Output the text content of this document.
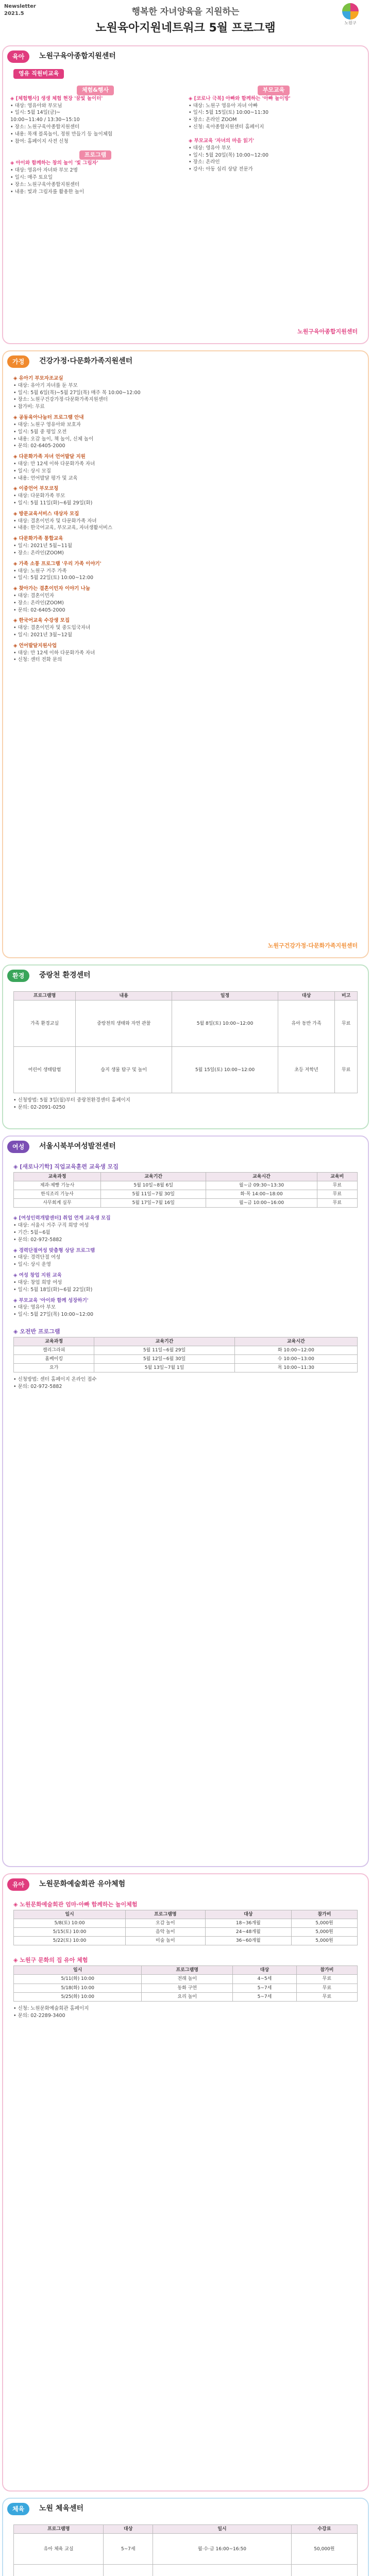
Newsletter
2021.5	행복한 자녀양육을 지원하는
노원육아지원네트워크 5월 프로그램	노원구
육아	노원구육아종합지원센터
영유 직원비교육
체험&행사
◈ [체험행사] 생생 체험 현장 '꿈빛 놀이터'
• 대상: 영유아와 부모님
• 일시: 5월 14일(금)~
10:00~11:40 / 13:30~15:10
• 장소: 노원구육아종합지원센터
• 내용: 목재 블록놀이, 정원 만들기 등 놀이체험
• 참여: 홈페이지 사전 신청
프로그램
◈ 아이와 함께하는 창의 놀이 '빛 그림자'
• 대상: 영유아 자녀와 부모 2명
• 일시: 매주 토요일
• 장소: 노원구육아종합지원센터
• 내용: 빛과 그림자를 활용한 놀이
부모교육
◈ [코로나 극복] 아빠와 함께하는 '아빠 놀이방'
• 대상: 노원구 영유아 자녀 아빠
• 일시: 5월 15일(토) 10:00~11:30
• 장소: 온라인 ZOOM
• 신청: 육아종합지원센터 홈페이지
◈ 부모교육 '자녀의 마음 읽기'
• 대상: 영유아 부모
• 일시: 5월 20일(목) 10:00~12:00
• 장소: 온라인
• 강사: 아동 심리 상담 전문가
노원구육아종합지원센터
가정	건강가정·다문화가족지원센터
◈ 유아기 부모자조교실
• 대상: 유아기 자녀를 둔 부모
• 일시: 5월 6일(목)~5월 27일(목) 매주 목 10:00~12:00
• 장소: 노원구건강가정·다문화가족지원센터
• 참가비: 무료
◈ 공동육아나눔터 프로그램 안내
• 대상: 노원구 영유아와 보호자
• 일시: 5월 중 평일 오전
• 내용: 오감 놀이, 책 놀이, 신체 놀이
• 문의: 02-6405-2000
◈ 다문화가족 자녀 언어발달 지원
• 대상: 만 12세 이하 다문화가족 자녀
• 일시: 상시 모집
• 내용: 언어발달 평가 및 교육
◈ 이중언어 부모코칭
• 대상: 다문화가족 부모
• 일시: 5월 11일(화)~6월 29일(화)
◈ 방문교육서비스 대상자 모집
• 대상: 결혼이민자 및 다문화가족 자녀
• 내용: 한국어교육, 부모교육, 자녀생활서비스
◈ 다문화가족 통합교육
• 일시: 2021년 5월~11월
• 장소: 온라인(ZOOM)
◈ 가족 소통 프로그램 '우리 가족 이야기'
• 대상: 노원구 거주 가족
• 일시: 5월 22일(토) 10:00~12:00
◈ 찾아가는 결혼이민자 이야기 나눔
• 대상: 결혼이민자
• 장소: 온라인(ZOOM)
• 문의: 02-6405-2000
◈ 한국어교육 수강생 모집
• 대상: 결혼이민자 및 중도입국자녀
• 일시: 2021년 3월~12월
◈ 언어발달지원사업
• 대상: 만 12세 이하 다문화가족 자녀
• 신청: 센터 전화 문의
노원구건강가정·다문화가족지원센터
환경	중랑천 환경센터
프로그램명	내용	일정	대상	비고
가족 환경교실	중랑천의 생태와 자연 관찰	5월 8일(토) 10:00~12:00	유아 동반 가족	무료
어린이 생태탐험	습지 생물 탐구 및 놀이	5월 15일(토) 10:00~12:00	초등 저학년	무료
• 신청방법: 5월 3일(월)부터 중랑천환경센터 홈페이지
• 문의: 02-2091-0250
여성	서울시북부여성발전센터
◈ [새로나기학] 직업교육훈련 교육생 모집
교육과정	교육기간	교육시간	교육비
제과·제빵 기능사	5월 10일~8월 6일	월~금 09:30~13:30	무료
한식조리 기능사	5월 11일~7월 30일	화·목 14:00~18:00	무료
사무회계 실무	5월 17일~7월 16일	월~금 10:00~16:00	무료
◈ [여성인력개발센터] 취업 연계 교육생 모집
• 대상: 서울시 거주 구직 희망 여성
• 기간: 5월~6월
• 문의: 02-972-5882
◈ 경력단절여성 맞춤형 상담 프로그램
• 대상: 경력단절 여성
• 일시: 상시 운영
◈ 여성 창업 지원 교육
• 대상: 창업 희망 여성
• 일시: 5월 18일(화)~6월 22일(화)
◈ 부모교육 '아이와 함께 성장하기'
• 대상: 영유아 부모
• 일시: 5월 27일(목) 10:00~12:00
◈ 오전반 프로그램
교육과정	교육기간	교육시간
캘리그라피	5월 11일~6월 29일	화 10:00~12:00
홈베이킹	5월 12일~6월 30일	수 10:00~13:00
요가	5월 13일~7월 1일	목 10:00~11:30
• 신청방법: 센터 홈페이지 온라인 접수
• 문의: 02-972-5882
유아	노원문화예술회관 유아체험
◈ 노원문화예술회관 엄마·아빠 함께하는 놀이체험
일시	프로그램명	대상	참가비
5/8(토) 10:00	오감 놀이	18~36개월	5,000원
5/15(토) 10:00	음악 놀이	24~48개월	5,000원
5/22(토) 10:00	미술 놀이	36~60개월	5,000원
◈ 노원구 문화의 집 유아 체험
일시	프로그램명	대상	참가비
5/11(화) 10:00	전래 놀이	4~5세	무료
5/18(화) 10:00	동화 구연	5~7세	무료
5/25(화) 10:00	요리 놀이	5~7세	무료
• 신청: 노원문화예술회관 홈페이지
• 문의: 02-2289-3400
체육	노원 체육센터
프로그램명	대상	일시	수강료
유아 체육 교실	5~7세	월·수·금 16:00~16:50	50,000원
